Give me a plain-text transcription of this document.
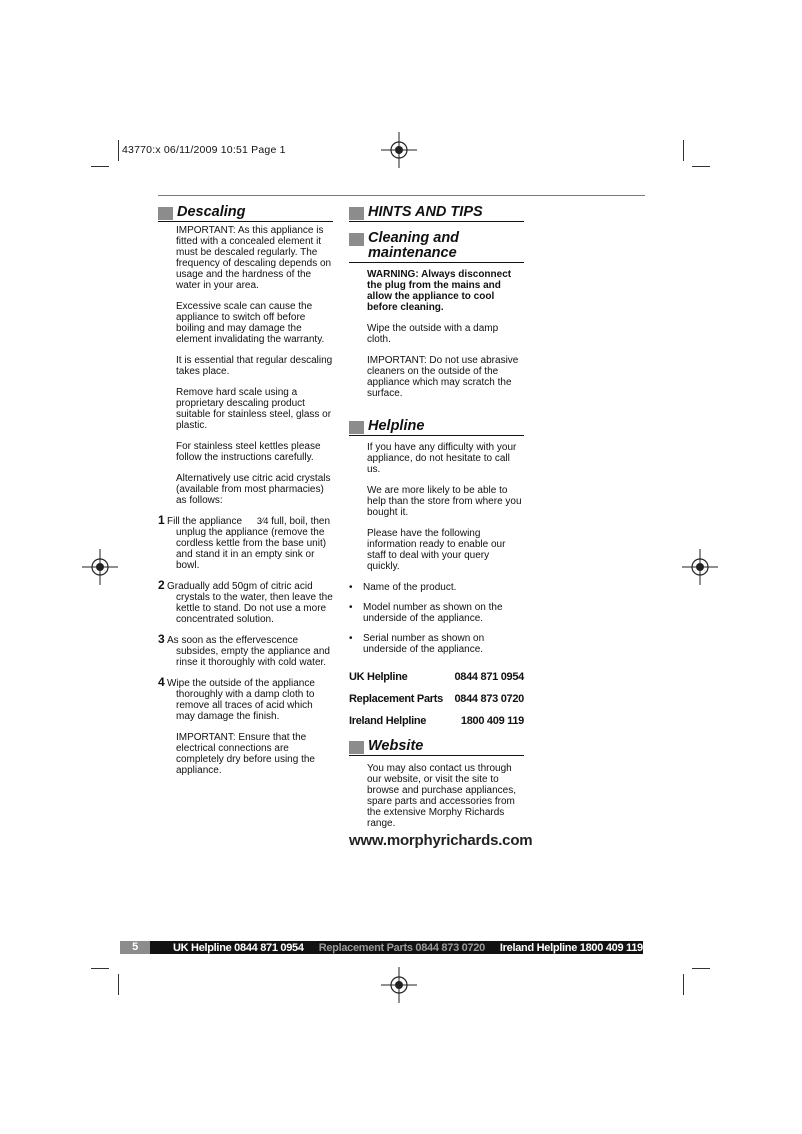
43770:x 06/11/2009 10:51 Page 1
Descaling

IMPORTANT: As this appliance is fitted with a concealed element it must be descaled regularly. The frequency of descaling depends on usage and the hardness of the water in your area.

Excessive scale can cause the appliance to switch off before boiling and may damage the element invalidating the warranty.

It is essential that regular descaling takes place.

Remove hard scale using a proprietary descaling product suitable for stainless steel, glass or plastic.

For stainless steel kettles please follow the instructions carefully.

Alternatively use citric acid crystals (available from most pharmacies) as follows:

1 Fill the appliance 3⁄4 full, boil, then unplug the appliance (remove the cordless kettle from the base unit) and stand it in an empty sink or bowl.
2 Gradually add 50gm of citric acid crystals to the water, then leave the kettle to stand. Do not use a more concentrated solution.
3 As soon as the effervescence subsides, empty the appliance and rinse it thoroughly with cold water.
4 Wipe the outside of the appliance thoroughly with a damp cloth to remove all traces of acid which may damage the finish.

IMPORTANT: Ensure that the electrical connections are completely dry before using the appliance.

HINTS AND TIPS
Cleaning and
maintenance

WARNING: Always disconnect the plug from the mains and allow the appliance to cool before cleaning.

Wipe the outside with a damp cloth.

IMPORTANT: Do not use abrasive cleaners on the outside of the appliance which may scratch the surface.

Helpline

If you have any difficulty with your appliance, do not hesitate to call us.

We are more likely to be able to help than the store from where you bought it.

Please have the following information ready to enable our staff to deal with your query quickly.

• Name of the product.
• Model number as shown on the underside of the appliance.
• Serial number as shown on underside of the appliance.
UK Helpline	0844 871 0954
Replacement Parts 0844 873 0720
Ireland Helpline	1800 409 119
Website

You may also contact us through our website, or visit the site to browse and purchase appliances, spare parts and accessories from the extensive Morphy Richards range.

www.morphyrichards.com
5	UK Helpline 0844 871 0954 Replacement Parts 0844 873 0720 Ireland Helpline 1800 409 119
